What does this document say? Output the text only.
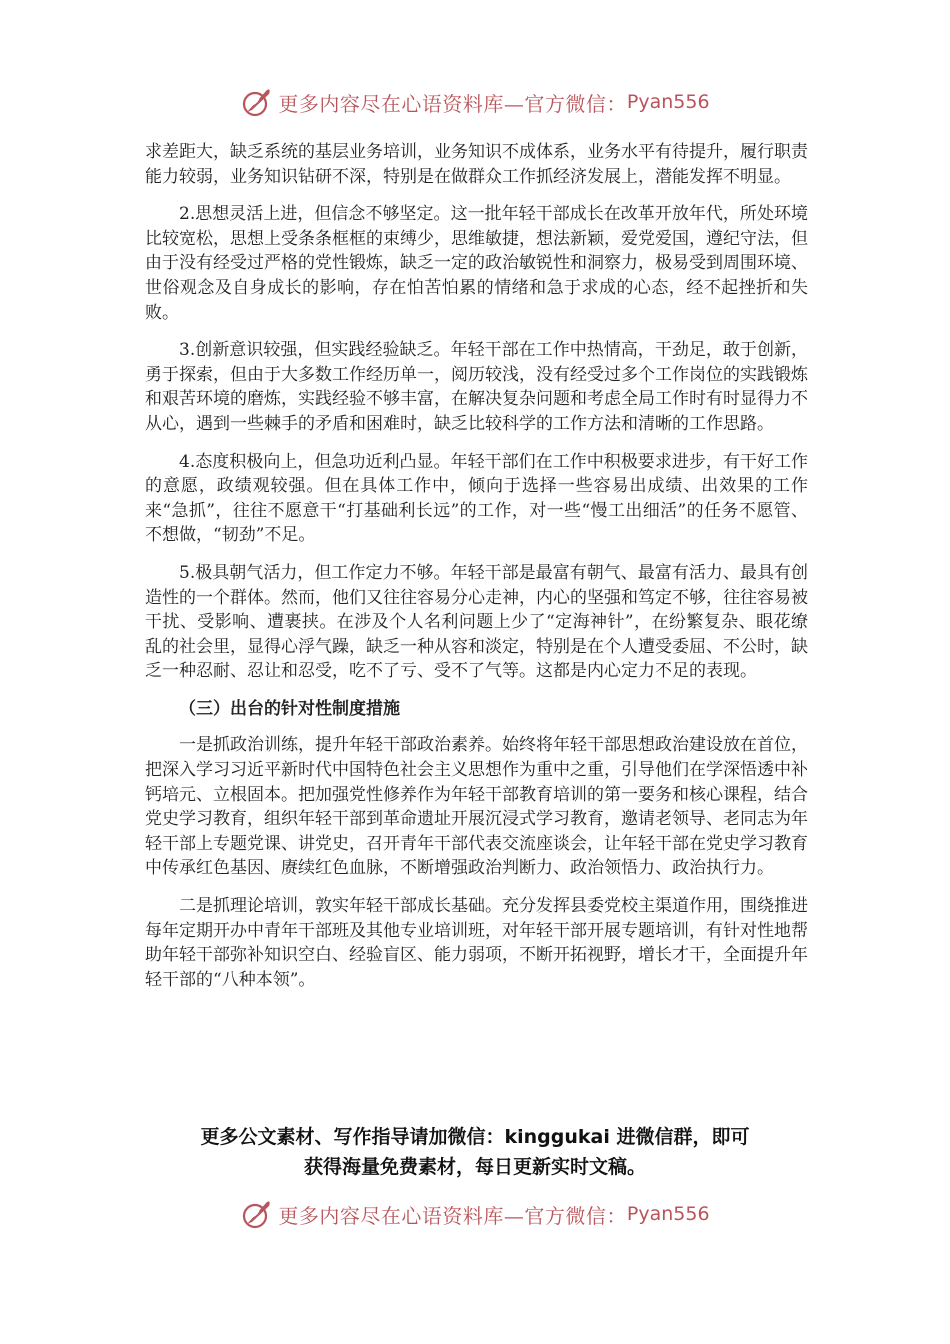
更多内容尽在心语资料库—官方微信： Pyan556

求差距大，缺乏系统的基层业务培训，业务知识不成体系，业务水平有待提升，履行职责能力较弱，业务知识钻研不深，特别是在做群众工作抓经济发展上，潜能发挥不明显。

2.思想灵活上进，但信念不够坚定。这一批年轻干部成长在改革开放年代，所处环境比较宽松，思想上受条条框框的束缚少，思维敏捷，想法新颖，爱党爱国，遵纪守法，但由于没有经受过严格的党性锻炼，缺乏一定的政治敏锐性和洞察力，极易受到周围环境、世俗观念及自身成长的影响，存在怕苦怕累的情绪和急于求成的心态，经不起挫折和失败。

3.创新意识较强，但实践经验缺乏。年轻干部在工作中热情高，干劲足，敢于创新，勇于探索，但由于大多数工作经历单一，阅历较浅，没有经受过多个工作岗位的实践锻炼和艰苦环境的磨炼，实践经验不够丰富，在解决复杂问题和考虑全局工作时有时显得力不从心，遇到一些棘手的矛盾和困难时，缺乏比较科学的工作方法和清晰的工作思路。

4.态度积极向上，但急功近利凸显。年轻干部们在工作中积极要求进步，有干好工作的意愿，政绩观较强。但在具体工作中，倾向于选择一些容易出成绩、出效果的工作来“急抓”，往往不愿意干“打基础利长远”的工作，对一些“慢工出细活”的任务不愿管、不想做，“韧劲”不足。

5.极具朝气活力，但工作定力不够。年轻干部是最富有朝气、最富有活力、最具有创造性的一个群体。然而，他们又往往容易分心走神，内心的坚强和笃定不够，往往容易被干扰、受影响、遭裹挟。在涉及个人名利问题上少了“定海神针”，在纷繁复杂、眼花缭乱的社会里，显得心浮气躁，缺乏一种从容和淡定，特别是在个人遭受委屈、不公时，缺乏一种忍耐、忍让和忍受，吃不了亏、受不了气等。这都是内心定力不足的表现。

（三）出台的针对性制度措施

一是抓政治训练，提升年轻干部政治素养。始终将年轻干部思想政治建设放在首位，把深入学习习近平新时代中国特色社会主义思想作为重中之重，引导他们在学深悟透中补钙培元、立根固本。把加强党性修养作为年轻干部教育培训的第一要务和核心课程，结合党史学习教育，组织年轻干部到革命遗址开展沉浸式学习教育，邀请老领导、老同志为年轻干部上专题党课、讲党史，召开青年干部代表交流座谈会，让年轻干部在党史学习教育中传承红色基因、赓续红色血脉，不断增强政治判断力、政治领悟力、政治执行力。

二是抓理论培训，敦实年轻干部成长基础。充分发挥县委党校主渠道作用，围绕推进每年定期开办中青年干部班及其他专业培训班，对年轻干部开展专题培训，有针对性地帮助年轻干部弥补知识空白、经验盲区、能力弱项，不断开拓视野，增长才干，全面提升年轻干部的“八种本领”。

更多公文素材、写作指导请加微信：kinggukai 进微信群，即可
获得海量免费素材，每日更新实时文稿。
更多内容尽在心语资料库—官方微信： Pyan556
